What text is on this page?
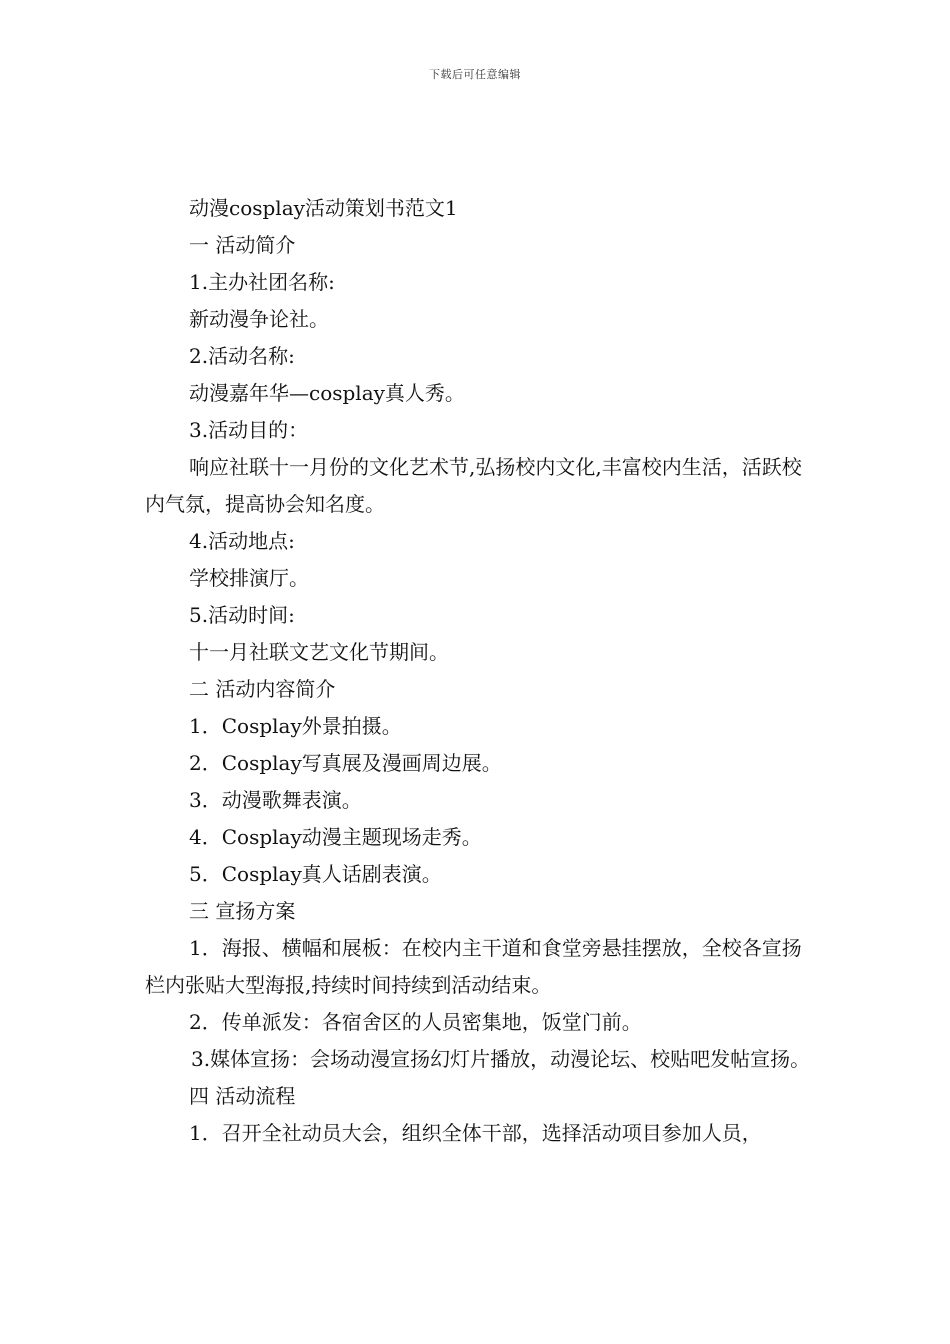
下载后可任意编辑

动漫cosplay活动策划书范文1

一 活动简介

1.主办社团名称:

新动漫争论社。

2.活动名称:

动漫嘉年华—cosplay真人秀。

3.活动目的：

响应社联十一月份的文化艺术节,弘扬校内文化,丰富校内生活，活跃校内气氛，提高协会知名度。

4.活动地点:

学校排演厅。

5.活动时间:

十一月社联文艺文化节期间。

二 活动内容简介

1．Cosplay外景拍摄。

2．Cosplay写真展及漫画周边展。

3．动漫歌舞表演。

4．Cosplay动漫主题现场走秀。

5．Cosplay真人话剧表演。

三 宣扬方案

1．海报、横幅和展板：在校内主干道和食堂旁悬挂摆放，全校各宣扬栏内张贴大型海报,持续时间持续到活动结束。

2．传单派发：各宿舍区的人员密集地，饭堂门前。

3.媒体宣扬：会场动漫宣扬幻灯片播放，动漫论坛、校贴吧发帖宣扬。

四 活动流程

1．召开全社动员大会，组织全体干部，选择活动项目参加人员，
